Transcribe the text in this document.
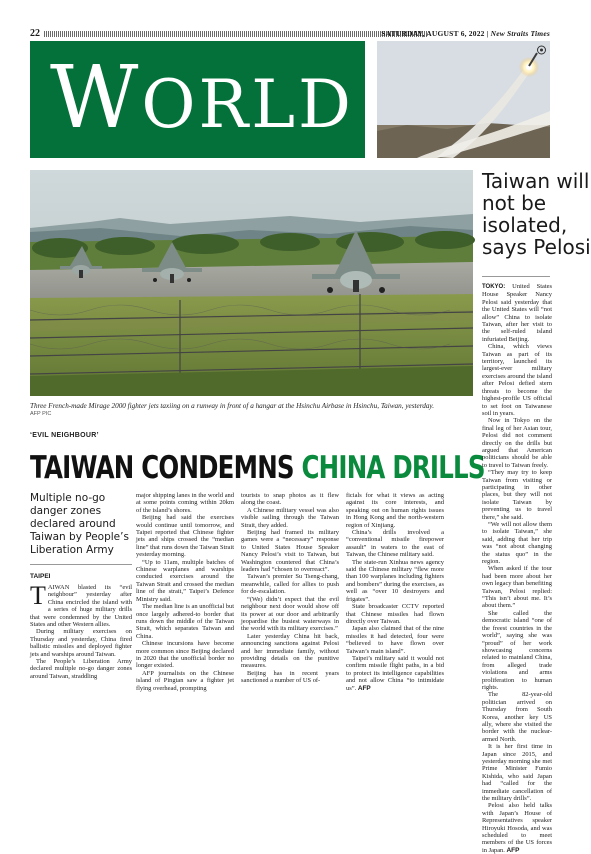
22	SATURDAY, AUGUST 6, 2022 | New Straits Times
WORLD

Three French-made Mirage 2000 fighter jets taxiing on a runway in front of a hangar at the Hsinchu Airbase in Hsinchu, Taiwan, yesterday.
AFP PIC
Taiwan will
not be
isolated,
says Pelosi

TOKYO: United States House Speaker Nancy Pelosi said yesterday that the United States will “not allow” China to isolate Taiwan, after her visit to the self-ruled island infuriated Beijing.

China, which views Taiwan as part of its territory, launched its largest-ever military exercises around the island after Pelosi defied stern threats to become the highest-profile US official to set foot on Taiwanese soil in years.

Now in Tokyo on the final leg of her Asian tour, Pelosi did not comment directly on the drills but argued that American politicians should be able to travel to Taiwan freely.

“They may try to keep Taiwan from visiting or participating in other places, but they will not isolate Taiwan by preventing us to travel there,” she said.

“We will not allow them to isolate Taiwan,” she said, adding that her trip was “not about changing the status quo” in the region.

When asked if the tour had been more about her own legacy than benefiting Taiwan, Pelosi replied: “This isn’t about me. It’s about them.”

She called the democratic island “one of the freest countries in the world”, saying she was “proud” of her work showcasing concerns related to mainland China, from alleged trade violations and arms proliferation to human rights.

The 82-year-old politician arrived on Thursday from South Korea, another key US ally, where she visited the border with the nuclear-armed North.

It is her first time in Japan since 2015, and yesterday morning she met Prime Minister Fumio Kishida, who said Japan had “called for the immediate cancellation of the military drills”.

Pelosi also held talks with Japan’s House of Representatives speaker Hiroyuki Hosoda, and was scheduled to meet members of the US forces in Japan. AFP

‘EVIL NEIGHBOUR’
TAIWAN CONDEMNS CHINA DRILLS
Multiple no-go danger zones declared around Taiwan by People’s Liberation Army
TAIPEI

TAIWAN blasted its “evil neighbour” yesterday after China encircled the island with a series of huge military drills that were condemned by the United States and other Western allies.

During military exercises on Thursday and yesterday, China fired ballistic missiles and deployed fighter jets and warships around Taiwan.

The People’s Liberation Army declared multiple no-go danger zones around Taiwan, straddling

major shipping lanes in the world and at some points coming within 20km of the island’s shores.

Beijing had said the exercises would continue until tomorrow, and Taipei reported that Chinese fighter jets and ships crossed the “median line” that runs down the Taiwan Strait yesterday morning.

“Up to 11am, multiple batches of Chinese warplanes and warships conducted exercises around the Taiwan Strait and crossed the median line of the strait,” Taipei’s Defence Ministry said.

The median line is an unofficial but once largely adhered-to border that runs down the middle of the Taiwan Strait, which separates Taiwan and China.

Chinese incursions have become more common since Beijing declared in 2020 that the unofficial border no longer existed.

AFP journalists on the Chinese island of Pingtan saw a fighter jet flying overhead, prompting

tourists to snap photos as it flew along the coast.

A Chinese military vessel was also visible sailing through the Taiwan Strait, they added.

Beijing had framed its military games were a “necessary” response to United States House Speaker Nancy Pelosi’s visit to Taiwan, but Washington countered that China’s leaders had “chosen to overreact”.

Taiwan’s premier Su Tseng-chang, meanwhile, called for allies to push for de-escalation.

“(We) didn’t expect that the evil neighbour next door would show off its power at our door and arbitrarily jeopardise the busiest waterways in the world with its military exercises.”

Later yesterday China hit back, announcing sanctions against Pelosi and her immediate family, without providing details on the punitive measures.

Beijing has in recent years sanctioned a number of US of-

ficials for what it views as acting against its core interests, and speaking out on human rights issues in Hong Kong and the north-western region of Xinjiang.

China’s drills involved a “conventional missile firepower assault” in waters to the east of Taiwan, the Chinese military said.

The state-run Xinhua news agency said the Chinese military “flew more than 100 warplanes including fighters and bombers” during the exercises, as well as “over 10 destroyers and frigates”.

State broadcaster CCTV reported that Chinese missiles had flown directly over Taiwan.

Japan also claimed that of the nine missiles it had detected, four were “believed to have flown over Taiwan’s main island”.

Taipei’s military said it would not confirm missile flight paths, in a bid to protect its intelligence capabilities and not allow China “to intimidate us”. AFP
